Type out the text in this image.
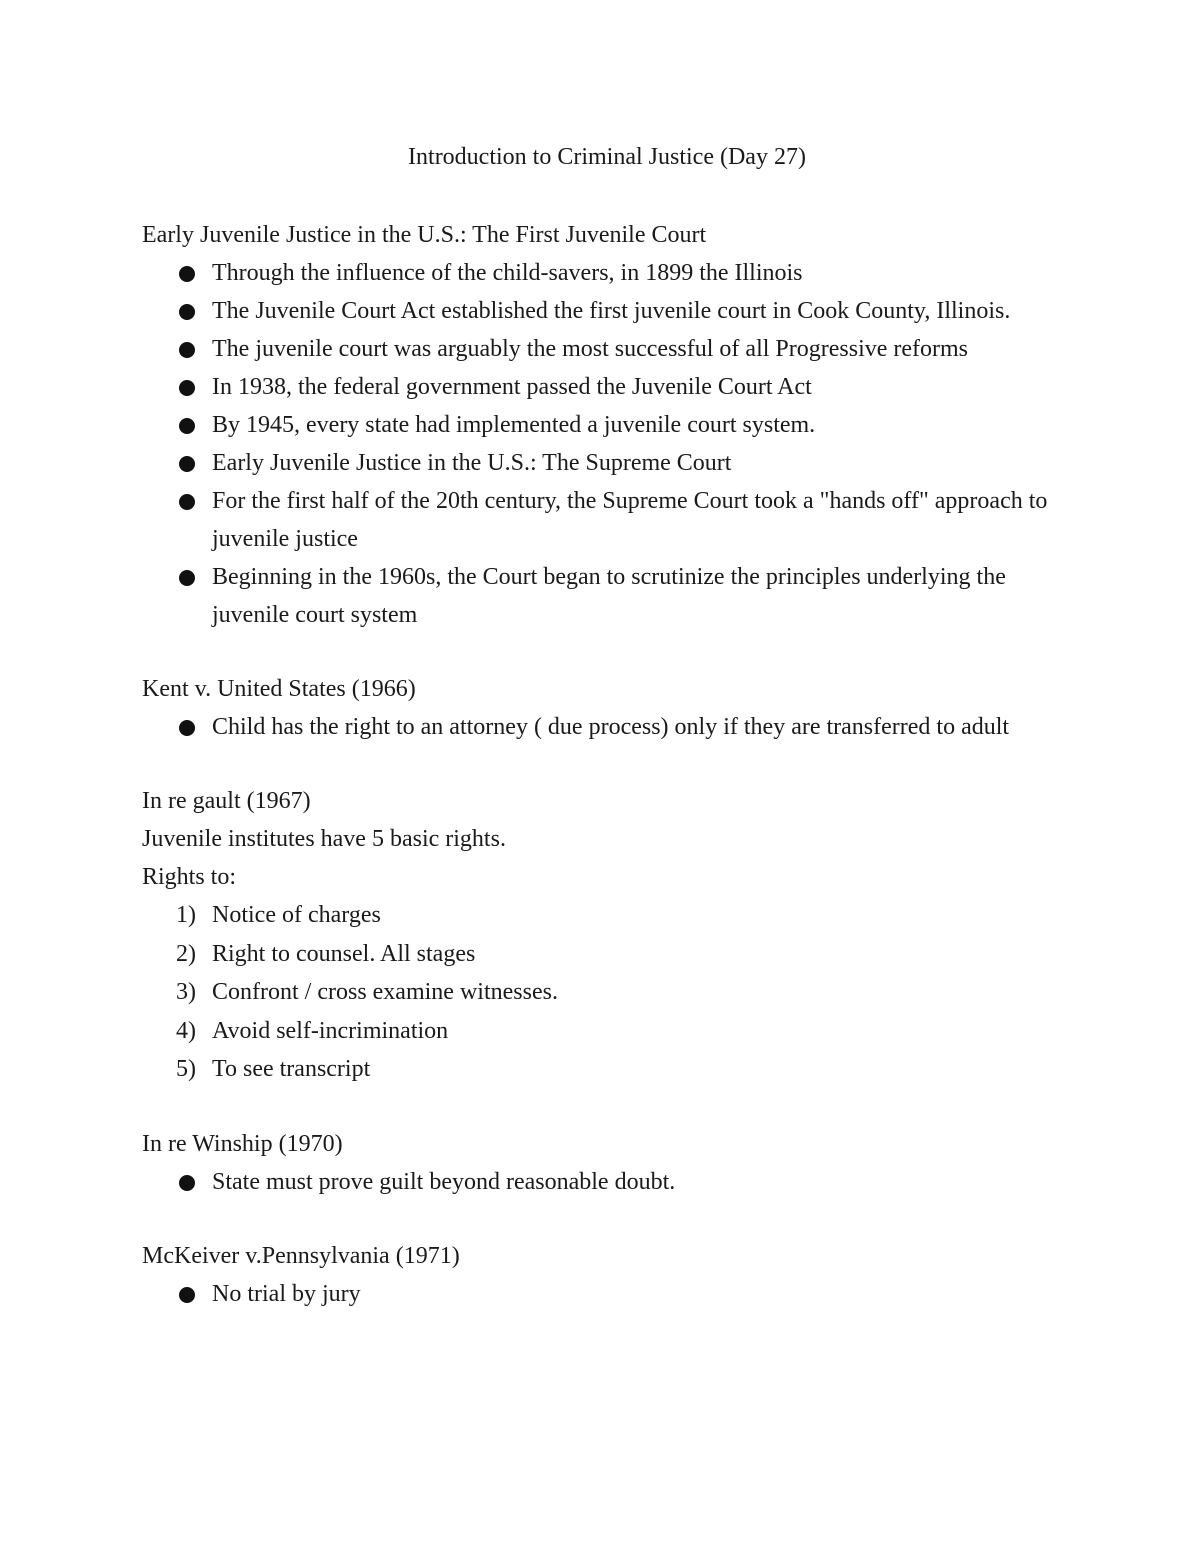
Introduction to Criminal Justice (Day 27)
Early Juvenile Justice in the U.S.: The First Juvenile Court
Through the influence of the child-savers, in 1899 the Illinois
The Juvenile Court Act established the first juvenile court in Cook County, Illinois.
The juvenile court was arguably the most successful of all Progressive reforms
In 1938, the federal government passed the Juvenile Court Act
By 1945, every state had implemented a juvenile court system.
Early Juvenile Justice in the U.S.: The Supreme Court
For the first half of the 20th century, the Supreme Court took a "hands off" approach to juvenile justice
Beginning in the 1960s, the Court began to scrutinize the principles underlying the juvenile court system
Kent v. United States (1966)
Child has the right to an attorney ( due process) only if they are transferred to adult
In re gault (1967)
Juvenile institutes have 5 basic rights.
Rights to:
1) Notice of charges
2) Right to counsel. All stages
3) Confront / cross examine witnesses.
4) Avoid self-incrimination
5) To see transcript
In re Winship (1970)
State must prove guilt beyond reasonable doubt.
McKeiver v.Pennsylvania (1971)
No trial by jury
